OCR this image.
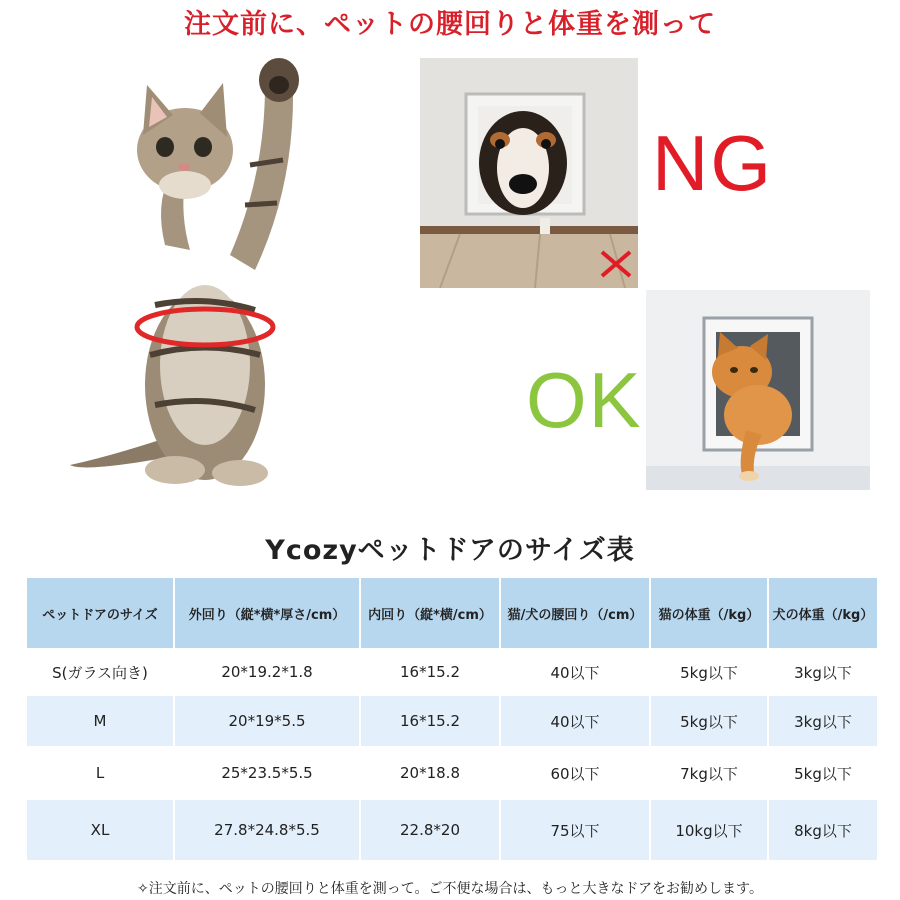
注文前に、ペットの腰回りと体重を測って
NG
OK
Ycozyペットドアのサイズ表
ペットドアのサイズ	外回り（縦*横*厚さ/cm）	内回り（縦*横/cm）	猫/犬の腰回り（/cm）	猫の体重（/kg）	犬の体重（/kg）
S(ガラス向き)	20*19.2*1.8	16*15.2	40以下	5kg以下	3kg以下
M	20*19*5.5	16*15.2	40以下	5kg以下	3kg以下
L	25*23.5*5.5	20*18.8	60以下	7kg以下	5kg以下
XL	27.8*24.8*5.5	22.8*20	75以下	10kg以下	8kg以下
✧注文前に、ペットの腰回りと体重を測って。ご不便な場合は、もっと大きなドアをお勧めします。
